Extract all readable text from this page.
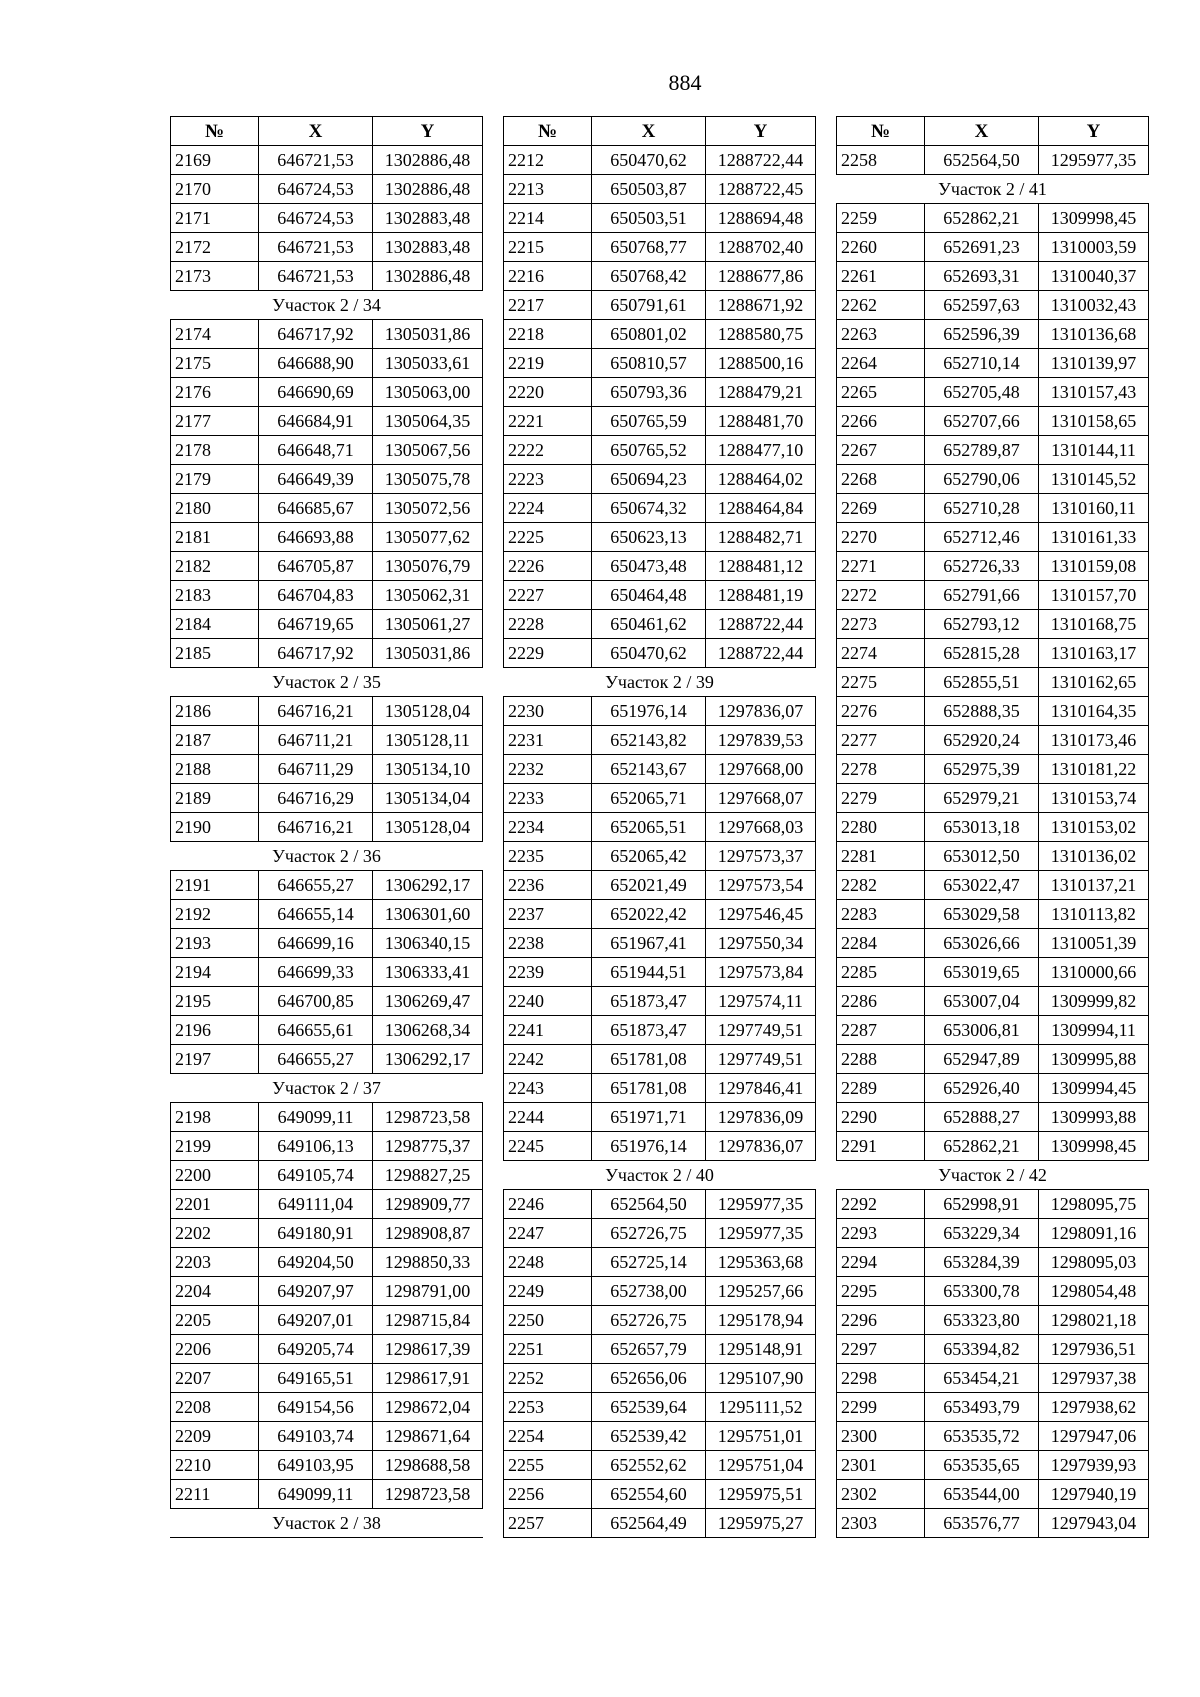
884
№	X	Y
2169	646721,53	1302886,48
2170	646724,53	1302886,48
2171	646724,53	1302883,48
2172	646721,53	1302883,48
2173	646721,53	1302886,48
Участок 2 / 34		
2174	646717,92	1305031,86
2175	646688,90	1305033,61
2176	646690,69	1305063,00
2177	646684,91	1305064,35
2178	646648,71	1305067,56
2179	646649,39	1305075,78
2180	646685,67	1305072,56
2181	646693,88	1305077,62
2182	646705,87	1305076,79
2183	646704,83	1305062,31
2184	646719,65	1305061,27
2185	646717,92	1305031,86
Участок 2 / 35		
2186	646716,21	1305128,04
2187	646711,21	1305128,11
2188	646711,29	1305134,10
2189	646716,29	1305134,04
2190	646716,21	1305128,04
Участок 2 / 36		
2191	646655,27	1306292,17
2192	646655,14	1306301,60
2193	646699,16	1306340,15
2194	646699,33	1306333,41
2195	646700,85	1306269,47
2196	646655,61	1306268,34
2197	646655,27	1306292,17
Участок 2 / 37		
2198	649099,11	1298723,58
2199	649106,13	1298775,37
2200	649105,74	1298827,25
2201	649111,04	1298909,77
2202	649180,91	1298908,87
2203	649204,50	1298850,33
2204	649207,97	1298791,00
2205	649207,01	1298715,84
2206	649205,74	1298617,39
2207	649165,51	1298617,91
2208	649154,56	1298672,04
2209	649103,74	1298671,64
2210	649103,95	1298688,58
2211	649099,11	1298723,58
Участок 2 / 38		
№	X	Y
2212	650470,62	1288722,44
2213	650503,87	1288722,45
2214	650503,51	1288694,48
2215	650768,77	1288702,40
2216	650768,42	1288677,86
2217	650791,61	1288671,92
2218	650801,02	1288580,75
2219	650810,57	1288500,16
2220	650793,36	1288479,21
2221	650765,59	1288481,70
2222	650765,52	1288477,10
2223	650694,23	1288464,02
2224	650674,32	1288464,84
2225	650623,13	1288482,71
2226	650473,48	1288481,12
2227	650464,48	1288481,19
2228	650461,62	1288722,44
2229	650470,62	1288722,44
Участок 2 / 39		
2230	651976,14	1297836,07
2231	652143,82	1297839,53
2232	652143,67	1297668,00
2233	652065,71	1297668,07
2234	652065,51	1297668,03
2235	652065,42	1297573,37
2236	652021,49	1297573,54
2237	652022,42	1297546,45
2238	651967,41	1297550,34
2239	651944,51	1297573,84
2240	651873,47	1297574,11
2241	651873,47	1297749,51
2242	651781,08	1297749,51
2243	651781,08	1297846,41
2244	651971,71	1297836,09
2245	651976,14	1297836,07
Участок 2 / 40		
2246	652564,50	1295977,35
2247	652726,75	1295977,35
2248	652725,14	1295363,68
2249	652738,00	1295257,66
2250	652726,75	1295178,94
2251	652657,79	1295148,91
2252	652656,06	1295107,90
2253	652539,64	1295111,52
2254	652539,42	1295751,01
2255	652552,62	1295751,04
2256	652554,60	1295975,51
2257	652564,49	1295975,27
№	X	Y
2258	652564,50	1295977,35
Участок 2 / 41		
2259	652862,21	1309998,45
2260	652691,23	1310003,59
2261	652693,31	1310040,37
2262	652597,63	1310032,43
2263	652596,39	1310136,68
2264	652710,14	1310139,97
2265	652705,48	1310157,43
2266	652707,66	1310158,65
2267	652789,87	1310144,11
2268	652790,06	1310145,52
2269	652710,28	1310160,11
2270	652712,46	1310161,33
2271	652726,33	1310159,08
2272	652791,66	1310157,70
2273	652793,12	1310168,75
2274	652815,28	1310163,17
2275	652855,51	1310162,65
2276	652888,35	1310164,35
2277	652920,24	1310173,46
2278	652975,39	1310181,22
2279	652979,21	1310153,74
2280	653013,18	1310153,02
2281	653012,50	1310136,02
2282	653022,47	1310137,21
2283	653029,58	1310113,82
2284	653026,66	1310051,39
2285	653019,65	1310000,66
2286	653007,04	1309999,82
2287	653006,81	1309994,11
2288	652947,89	1309995,88
2289	652926,40	1309994,45
2290	652888,27	1309993,88
2291	652862,21	1309998,45
Участок 2 / 42		
2292	652998,91	1298095,75
2293	653229,34	1298091,16
2294	653284,39	1298095,03
2295	653300,78	1298054,48
2296	653323,80	1298021,18
2297	653394,82	1297936,51
2298	653454,21	1297937,38
2299	653493,79	1297938,62
2300	653535,72	1297947,06
2301	653535,65	1297939,93
2302	653544,00	1297940,19
2303	653576,77	1297943,04
